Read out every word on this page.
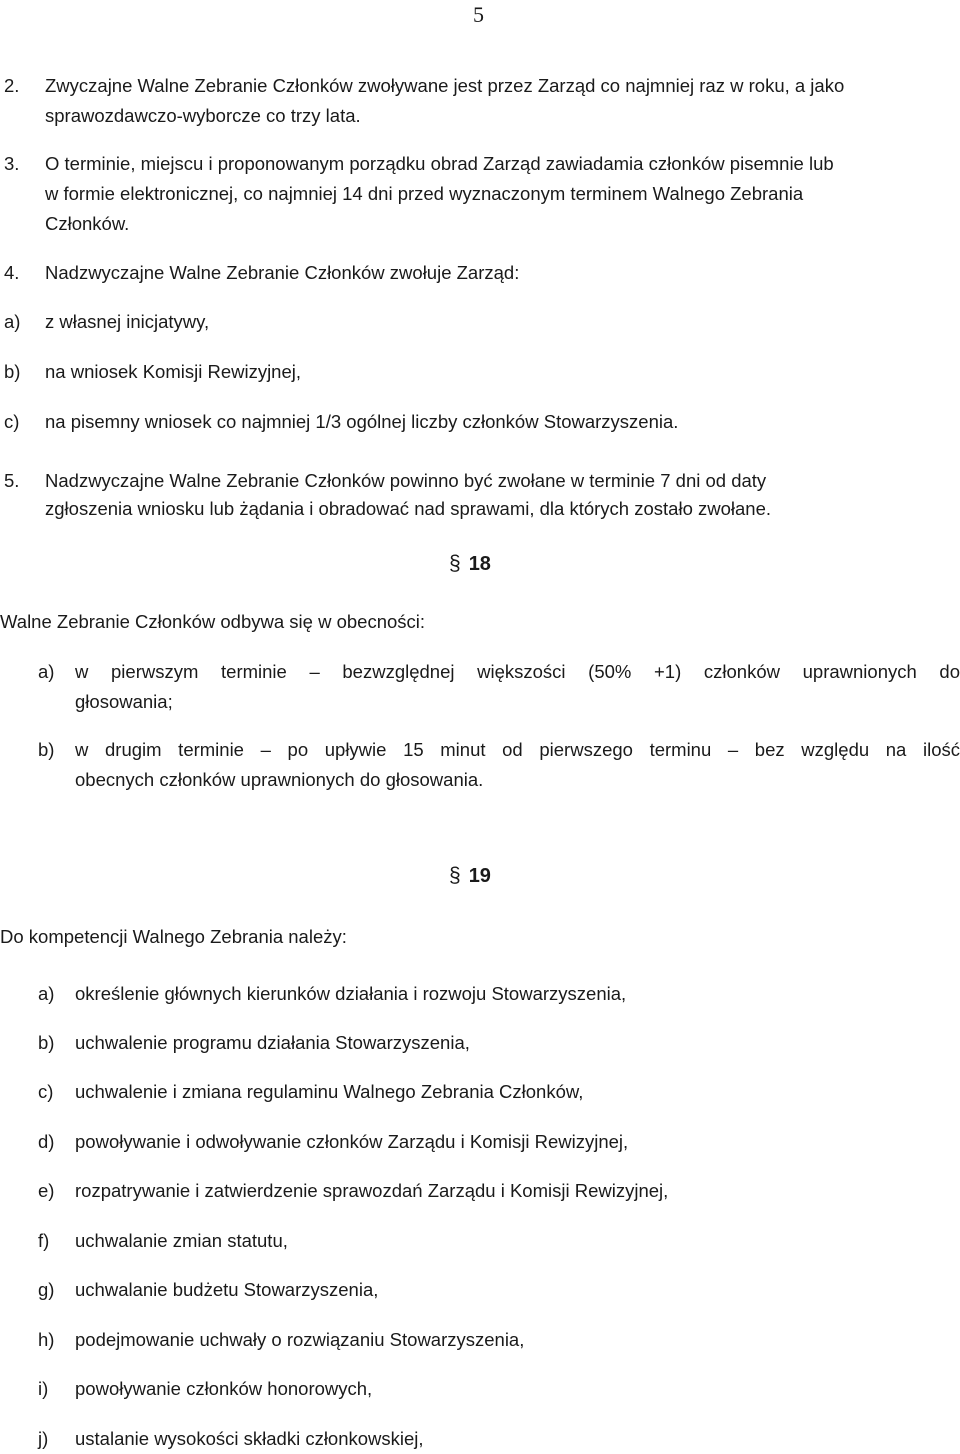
5
2. Zwyczajne Walne Zebranie Członków zwoływane jest przez Zarząd co najmniej raz w roku, a jako
sprawozdawczo-wyborcze co trzy lata.
3. O terminie, miejscu i proponowanym porządku obrad Zarząd zawiadamia członków pisemnie lub
w formie elektronicznej, co najmniej 14 dni przed wyznaczonym terminem Walnego Zebrania
Członków.
4. Nadzwyczajne Walne Zebranie Członków zwołuje Zarząd:
a) z własnej inicjatywy,
b) na wniosek Komisji Rewizyjnej,
c) na pisemny wniosek co najmniej 1/3 ogólnej liczby członków Stowarzyszenia.
5. Nadzwyczajne Walne Zebranie Członków powinno być zwołane w terminie 7 dni od daty
zgłoszenia wniosku lub żądania i obradować nad sprawami, dla których zostało zwołane.
§ 18
Walne Zebranie Członków odbywa się w obecności:
a) w pierwszym terminie – bezwzględnej większości (50% +1) członków uprawnionych do
głosowania;
b) w drugim terminie – po upływie 15 minut od pierwszego terminu – bez względu na ilość
obecnych członków uprawnionych do głosowania.
§ 19
Do kompetencji Walnego Zebrania należy:
a) określenie głównych kierunków działania i rozwoju Stowarzyszenia,
b) uchwalenie programu działania Stowarzyszenia,
c) uchwalenie i zmiana regulaminu Walnego Zebrania Członków,
d) powoływanie i odwoływanie członków Zarządu i Komisji Rewizyjnej,
e) rozpatrywanie i zatwierdzenie sprawozdań Zarządu i Komisji Rewizyjnej,
f) uchwalanie zmian statutu,
g) uchwalanie budżetu Stowarzyszenia,
h) podejmowanie uchwały o rozwiązaniu Stowarzyszenia,
i) powoływanie członków honorowych,
j) ustalanie wysokości składki członkowskiej,
